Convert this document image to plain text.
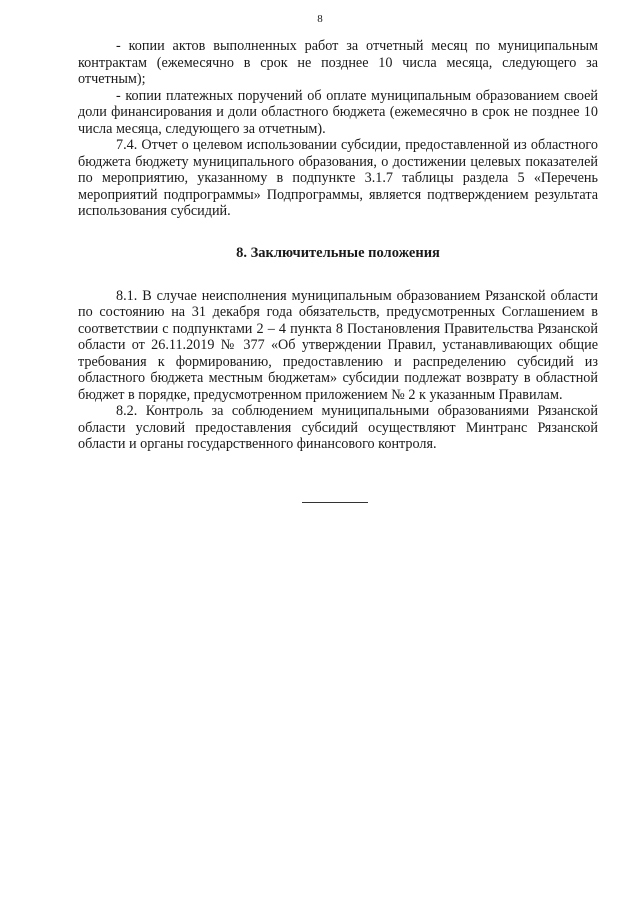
8

- копии актов выполненных работ за отчетный месяц по муниципальным контрактам (ежемесячно в срок не позднее 10 числа месяца, следующего за отчетным);

- копии платежных поручений об оплате муниципальным образованием своей доли финансирования и доли областного бюджета (ежемесячно в срок не позднее 10 числа месяца, следующего за отчетным).

7.4. Отчет о целевом использовании субсидии, предоставленной из областного бюджета бюджету муниципального образования, о достижении целевых показателей по мероприятию, указанному в подпункте 3.1.7 таблицы раздела 5 «Перечень мероприятий подпрограммы» Подпрограммы, является подтверждением результата использования субсидий.

8. Заключительные положения

8.1. В случае неисполнения муниципальным образованием Рязанской области по состоянию на 31 декабря года обязательств, предусмотренных Соглашением в соответствии с подпунктами 2 – 4 пункта 8 Постановления Правительства Рязанской области от 26.11.2019 № 377 «Об утверждении Правил, устанавливающих общие требования к формированию, предоставлению и распределению субсидий из областного бюджета местным бюджетам» субсидии подлежат возврату в областной бюджет в порядке, предусмотренном приложением № 2 к указанным Правилам.

8.2. Контроль за соблюдением муниципальными образованиями Рязанской области условий предоставления субсидий осуществляют Минтранс Рязанской области и органы государственного финансового контроля.
